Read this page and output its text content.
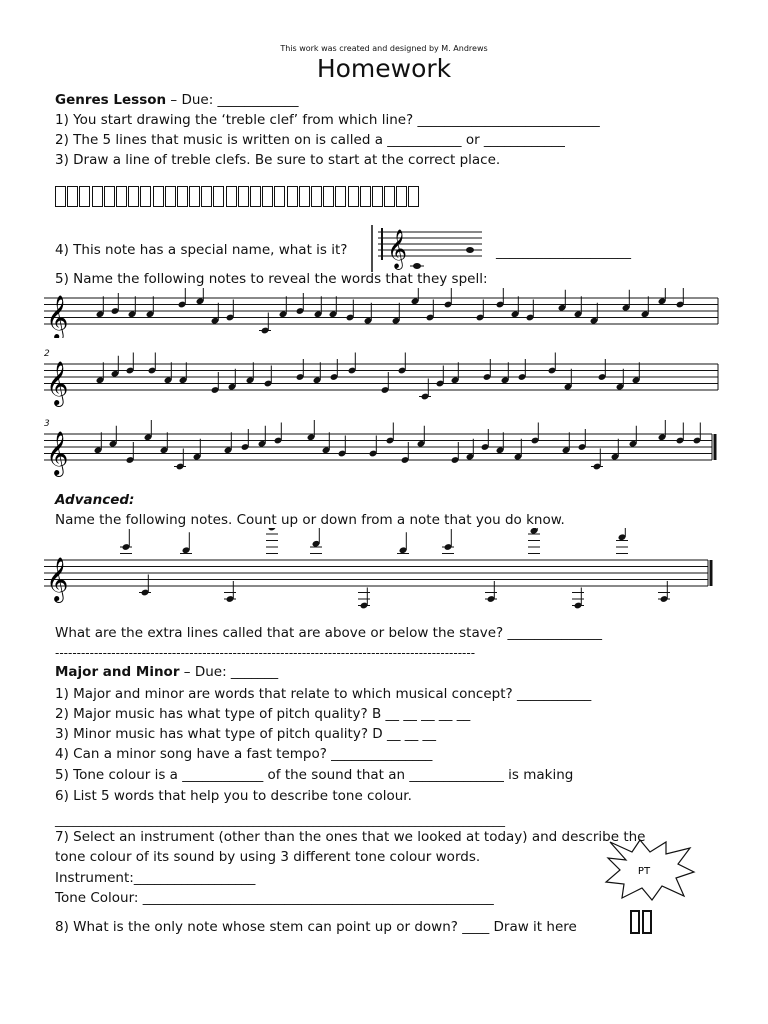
This work was created and designed by M. Andrews
Homework
Genres Lesson – Due: ____________
1) You start drawing the ‘treble clef’ from which line? ___________________________
2) The 5 lines that music is written on is called a ___________ or ____________
3) Draw a line of treble clefs. Be sure to start at the correct place.
4) This note has a special name, what is it?	____________________
𝄞
5) Name the following notes to reveal the words that they spell:
𝄞
𝄞
𝄞
2
3
Advanced:
Name the following notes. Count up or down from a note that you do know.
𝄞
What are the extra lines called that are above or below the stave? ______________
-------------------------------------------------------------------------------------------------
Major and Minor – Due: _______
1) Major and minor are words that relate to which musical concept? ___________
2) Major music has what type of pitch quality? B __ __ __ __ __
3) Minor music has what type of pitch quality? D __ __ __
4) Can a minor song have a fast tempo? _______________
5) Tone colour is a ____________ of the sound that an ______________ is making
6) List 5 words that help you to describe tone colour.
___________________________________________________________________________
7) Select an instrument (other than the ones that we looked at today) and describe the
tone colour of its sound by using 3 different tone colour words.
Instrument:__________________
Tone Colour: ____________________________________________________
8) What is the only note whose stem can point up or down? ____ Draw it here
PT
